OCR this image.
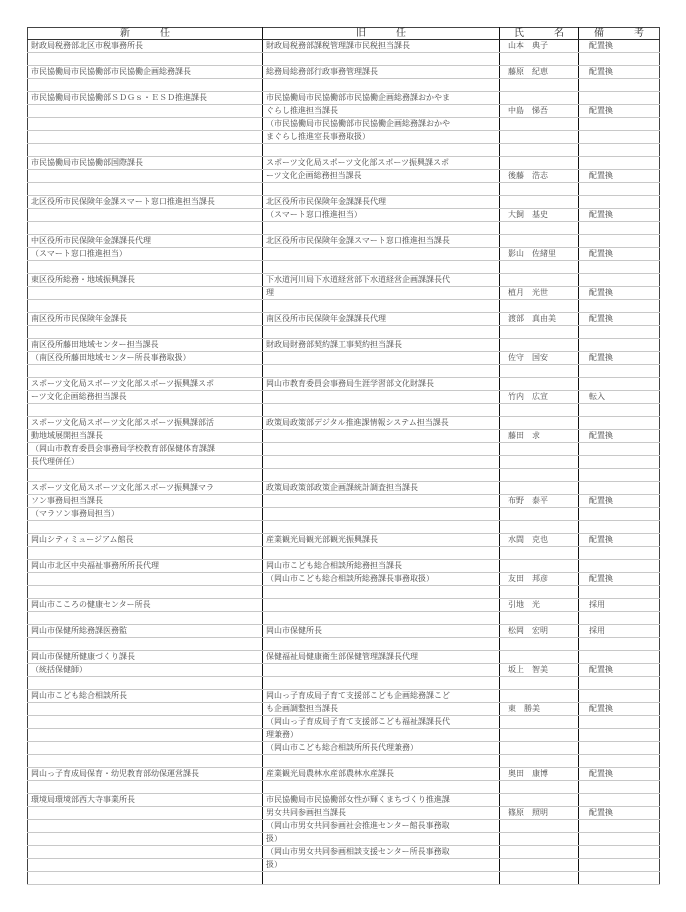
新　任	旧　任	氏　名	備　考
財政局税務部北区市税事務所長	財政局税務部課税管理課市民税担当課長	山本　典子	配置換

市民協働局市民協働部市民協働企画総務課長	総務局総務部行政事務管理課長	藤原　紀恵	配置換

市民協働局市民協働部ＳＤＧｓ・ＥＳＤ推進課長	市民協働局市民協働部市民協働企画総務課おかやま		
	ぐらし推進担当課長	中島　悌吾	配置換
	（市民協働局市民協働部市民協働企画総務課おかや		
	まぐらし推進室長事務取扱）		

市民協働局市民協働部国際課長	スポーツ文化局スポーツ文化部スポーツ振興課スポ		
	ーツ文化企画総務担当課長	後藤　浩志	配置換

北区役所市民保険年金課スマート窓口推進担当課長	北区役所市民保険年金課課長代理		
	（スマート窓口推進担当）	大飼　基史	配置換

中区役所市民保険年金課課長代理	北区役所市民保険年金課スマート窓口推進担当課長		
（スマート窓口推進担当）		影山　佐緒里	配置換

東区役所総務・地域振興課長	下水道河川局下水道経営部下水道経営企画課課長代		
	理	植月　光世	配置換

南区役所市民保険年金課長	南区役所市民保険年金課課長代理	渡部　真由美	配置換

南区役所藤田地域センター担当課長	財政局財務部契約課工事契約担当課長		
（南区役所藤田地域センター所長事務取扱）		佐守　国安	配置換

スポーツ文化局スポーツ文化部スポーツ振興課スポ	岡山市教育委員会事務局生涯学習部文化財課長		
ーツ文化企画総務担当課長		竹内　広宣	転入

スポーツ文化局スポーツ文化部スポーツ振興課部活	政策局政策部デジタル推進課情報システム担当課長		
動地域展開担当課長		藤田　求	配置換
（岡山市教育委員会事務局学校教育部保健体育課課			
長代理併任）			

スポーツ文化局スポーツ文化部スポーツ振興課マラ	政策局政策部政策企画課統計調査担当課長		
ソン事務局担当課長		布野　泰平	配置換
（マラソン事務局担当）			

岡山シティミュージアム館長	産業観光局観光部観光振興課長	水間　克也	配置換

岡山市北区中央福祉事務所所長代理	岡山市こども総合相談所総務担当課長		
	（岡山市こども総合相談所総務課長事務取扱）	友田　邦彦	配置換

岡山市こころの健康センター所長		引地　光	採用

岡山市保健所総務課医務監	岡山市保健所長	松岡　宏明	採用

岡山市保健所健康づくり課長	保健福祉局健康衛生部保健管理課課長代理		
（統括保健師）		坂上　智美	配置換

岡山市こども総合相談所長	岡山っ子育成局子育て支援部こども企画総務課こど		
	も企画調整担当課長	東　勝美	配置換
	（岡山っ子育成局子育て支援部こども福祉課課長代		
	理兼務）		
	（岡山市こども総合相談所所長代理兼務）		

岡山っ子育成局保育・幼児教育部幼保運営課長	産業観光局農林水産部農林水産課長	奥田　康博	配置換

環境局環境部西大寺事業所長	市民協働局市民協働部女性が輝くまちづくり推進課		
	男女共同参画担当課長	篠原　照明	配置換
	（岡山市男女共同参画社会推進センター館長事務取		
	扱）		
	（岡山市男女共同参画相談支援センター所長事務取		
	扱）		
